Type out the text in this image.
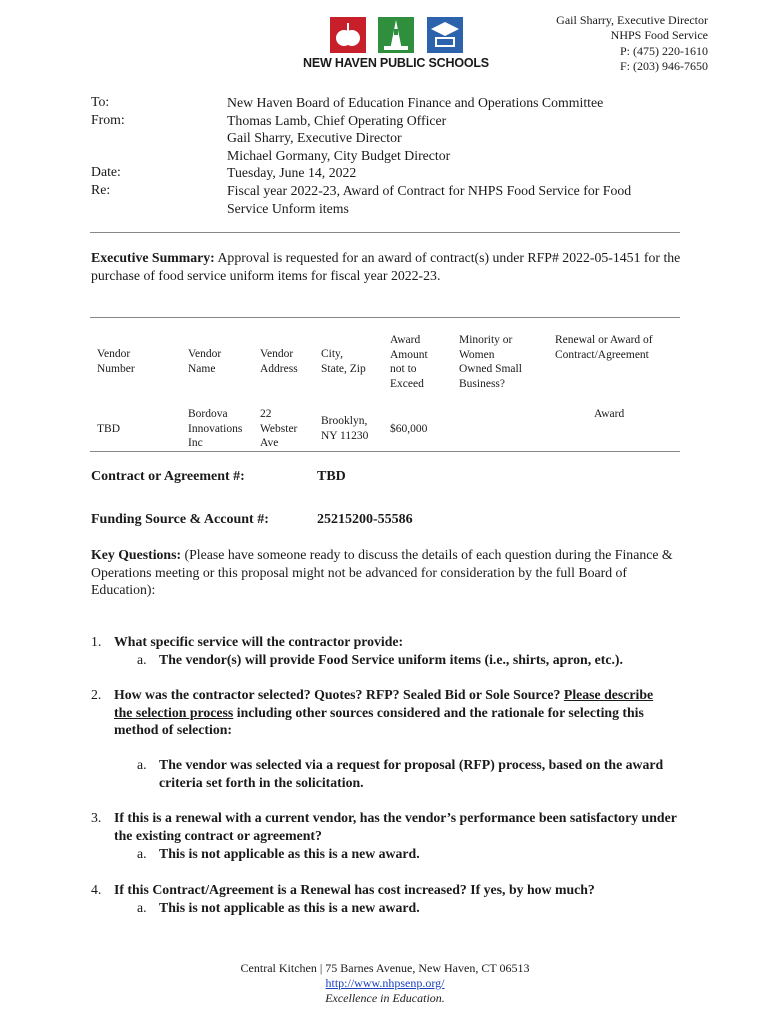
NEW HAVEN PUBLIC SCHOOLS
Gail Sharry, Executive Director
NHPS Food Service
P: (475) 220-1610
F: (203) 946-7650
To:
From:
Date:
Re:
New Haven Board of Education Finance and Operations Committee
Thomas Lamb, Chief Operating Officer
Gail Sharry, Executive Director
Michael Gormany, City Budget Director
Tuesday, June 14, 2022
Fiscal year 2022-23, Award of Contract for NHPS Food Service for Food
Service Unform items
Executive Summary: Approval is requested for an award of contract(s) under RFP# 2022-05-1451 for the purchase of food service uniform items for fiscal year 2022-23.
Vendor
Number
Vendor
Name
Vendor
Address
City,
State, Zip
Award
Amount
not to
Exceed
Minority or
Women
Owned Small
Business?
Renewal or Award of
Contract/Agreement
TBD
Bordova
Innovations
Inc
22
Webster
Ave
Brooklyn,
NY 11230
$60,000
Award
Contract or Agreement #:	TBD
Funding Source & Account #:	25215200-55586
Key Questions: (Please have someone ready to discuss the details of each question during the Finance & Operations meeting or this proposal might not be advanced for consideration by the full Board of Education):
1. What specific service will the contractor provide:
a. The vendor(s) will provide Food Service uniform items (i.e., shirts, apron, etc.).
2. How was the contractor selected? Quotes? RFP? Sealed Bid or Sole Source? Please describe the selection process including other sources considered and the rationale for selecting this method of selection:
a. The vendor was selected via a request for proposal (RFP) process, based on the award criteria set forth in the solicitation.
3. If this is a renewal with a current vendor, has the vendor’s performance been satisfactory under the existing contract or agreement?
a. This is not applicable as this is a new award.
4. If this Contract/Agreement is a Renewal has cost increased? If yes, by how much?
a. This is not applicable as this is a new award.
Central Kitchen | 75 Barnes Avenue, New Haven, CT 06513
http://www.nhpsenp.org/
Excellence in Education.
